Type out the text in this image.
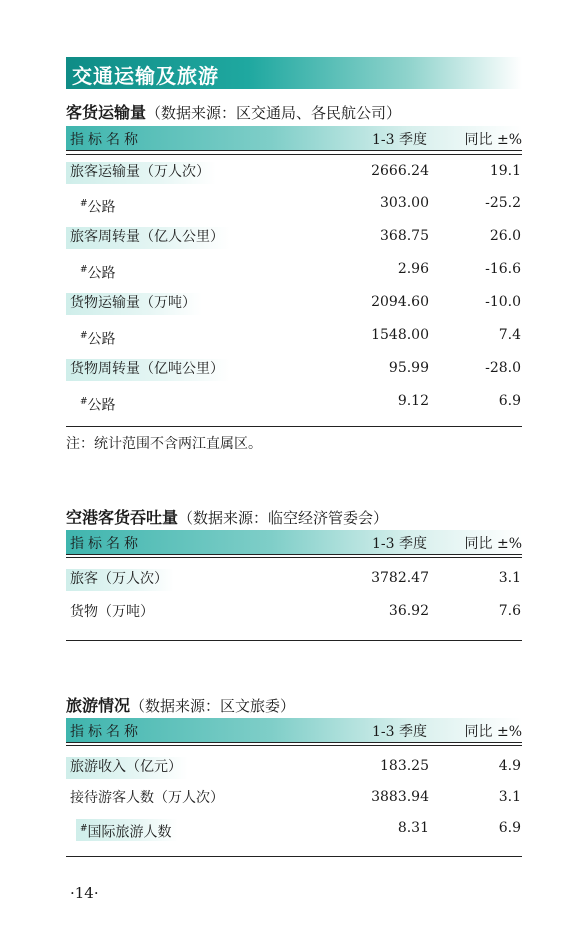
交通运输及旅游
客货运输量（数据来源：区交通局、各民航公司）
指标名称	1-3 季度	同比 ±%
旅客运输量（万人次）	2666.24	19.1
#公路	303.00	-25.2
旅客周转量（亿人公里）	368.75	26.0
#公路	2.96	-16.6
货物运输量（万吨）	2094.60	-10.0
#公路	1548.00	7.4
货物周转量（亿吨公里）	95.99	-28.0
#公路	9.12	6.9
注：统计范围不含两江直属区。
空港客货吞吐量（数据来源：临空经济管委会）
指标名称	1-3 季度	同比 ±%
旅客（万人次）	3782.47	3.1
货物（万吨）	36.92	7.6
旅游情况（数据来源：区文旅委）
指标名称	1-3 季度	同比 ±%
旅游收入（亿元）	183.25	4.9
接待游客人数（万人次）	3883.94	3.1
#国际旅游人数	8.31	6.9
·14·
